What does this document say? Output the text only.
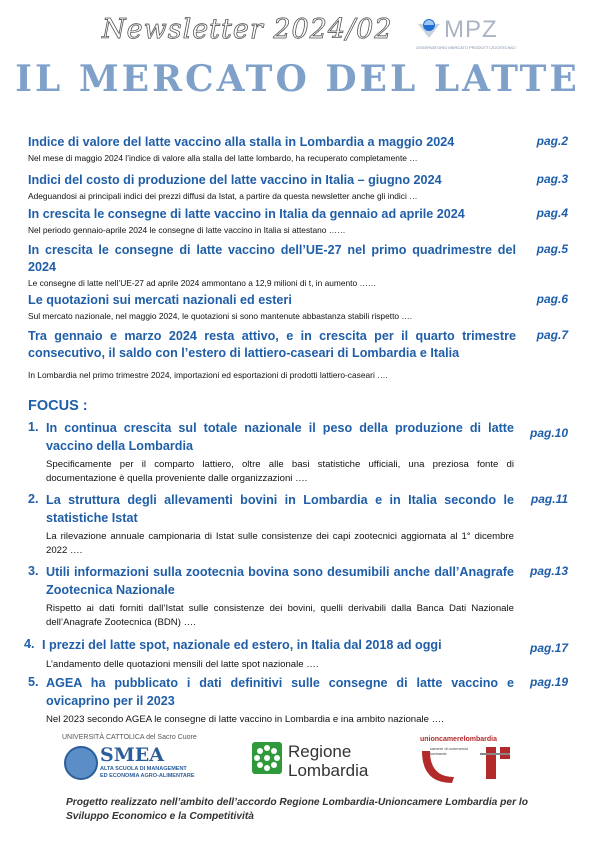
Newsletter 2024/02 MPZ
OSSERVATORIO MERCATO PRODOTTI ZOOTECNICI
IL MERCATO DEL LATTE
Indice di valore del latte vaccino alla stalla in Lombardia a maggio 2024
Nel mese di maggio 2024 l’indice di valore alla stalla del latte lombardo, ha recuperato completamente …
pag.2
Indici del costo di produzione del latte vaccino in Italia – giugno 2024
Adeguandosi ai principali indici dei prezzi diffusi da Istat, a partire da questa newsletter anche gli indici …
pag.3
In crescita le consegne di latte vaccino in Italia da gennaio ad aprile 2024
Nel periodo gennaio-aprile 2024 le consegne di latte vaccino in Italia si attestano ……
pag.4
In crescita le consegne di latte vaccino dell’UE-27 nel primo quadrimestre del 2024
Le consegne di latte nell’UE-27 ad aprile 2024 ammontano a 12,9 milioni di t, in aumento ……
pag.5
Le quotazioni sui mercati nazionali ed esteri
Sul mercato nazionale, nel maggio 2024, le quotazioni si sono mantenute abbastanza stabili rispetto ….
pag.6
Tra gennaio e marzo 2024 resta attivo, e in crescita per il quarto trimestre consecutivo, il saldo con l’estero di lattiero-caseari di Lombardia e Italia
In Lombardia nel primo trimestre 2024, importazioni ed esportazioni di prodotti lattiero-caseari ….
pag.7
FOCUS :
1. In continua crescita sul totale nazionale il peso della produzione di latte vaccino della Lombardia
Specificamente per il comparto lattiero, oltre alle basi statistiche ufficiali, una preziosa fonte di documentazione è quella proveniente dalle organizzazioni ….
pag.10
2. La struttura degli allevamenti bovini in Lombardia e in Italia secondo le statistiche Istat
La rilevazione annuale campionaria di Istat sulle consistenze dei capi zootecnici aggiornata al 1° dicembre 2022 ….
pag.11
3. Utili informazioni sulla zootecnia bovina sono desumibili anche dall’Anagrafe Zootecnica Nazionale
Rispetto ai dati forniti dall’Istat sulle consistenze dei bovini, quelli derivabili dalla Banca Dati Nazionale dell’Anagrafe Zootecnica (BDN) ….
pag.13
4. I prezzi del latte spot, nazionale ed estero, in Italia dal 2018 ad oggi
L’andamento delle quotazioni mensili del latte spot nazionale ….
pag.17
5. AGEA ha pubblicato i dati definitivi sulle consegne di latte vaccino e ovicaprino per il 2023
Nel 2023 secondo AGEA le consegne di latte vaccino in Lombardia e ina ambito nazionale ….
pag.19
UNIVERSITÀ CATTOLICA del Sacro Cuore
SMEA
ALTA SCUOLA DI MANAGEMENT
ED ECONOMIA AGRO-ALIMENTARE
Regione
Lombardia
unioncamerelombardia
camere di commercio
lombarde
Progetto realizzato nell’ambito dell’accordo Regione Lombardia-Unioncamere Lombardia per lo Sviluppo Economico e la Competitività
